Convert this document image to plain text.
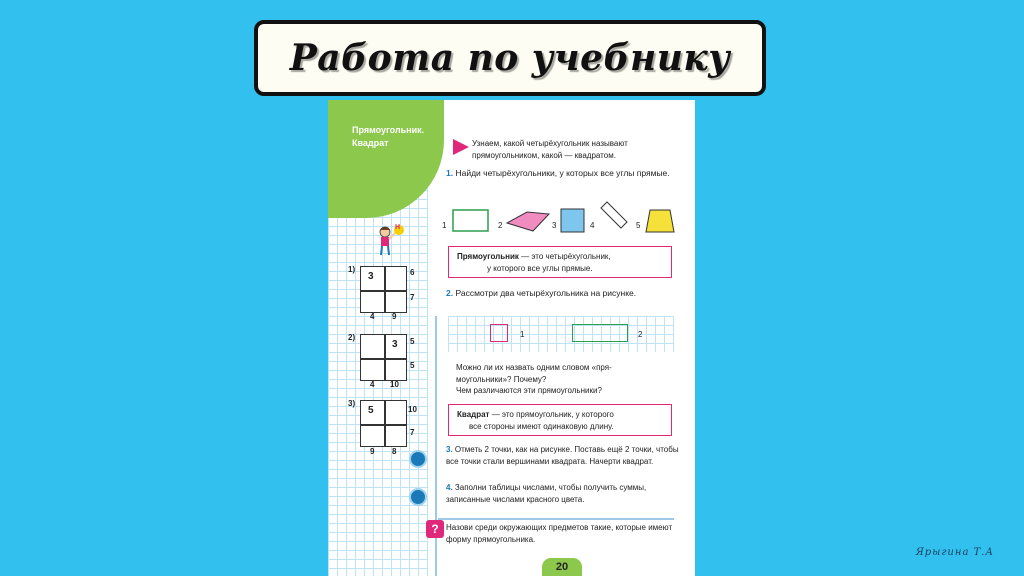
Работа по учебнику
Прямоугольник.
Квадрат
Н
1)
3	6
7
4 9
2)
3 5
5
4 10
3)
5	10
7
9 8
Узнаем, какой четырёхугольник называют прямоугольником, какой — квадратом.
1. Найди четырёхугольники, у которых все углы прямые.
1	2	3	4	5
Прямоугольник — это четырёхугольник,
у которого все углы прямые.
2. Рассмотри два четырёхугольника на рисунке.
1	2
Можно ли их назвать одним словом «пря-
моугольники»? Почему?
Чем различаются эти прямоугольники?
Квадрат — это прямоугольник, у которого
все стороны имеют одинаковую длину.
3. Отметь 2 точки, как на рисунке. Поставь ещё 2 точки, чтобы все точки стали вершинами квадрата. Начерти квадрат.
4. Заполни таблицы числами, чтобы получить суммы, записанные числами красного цвета.
? Назови среди окружающих предметов такие, которые имеют форму прямоугольника.
20
Ярыгина Т.А
